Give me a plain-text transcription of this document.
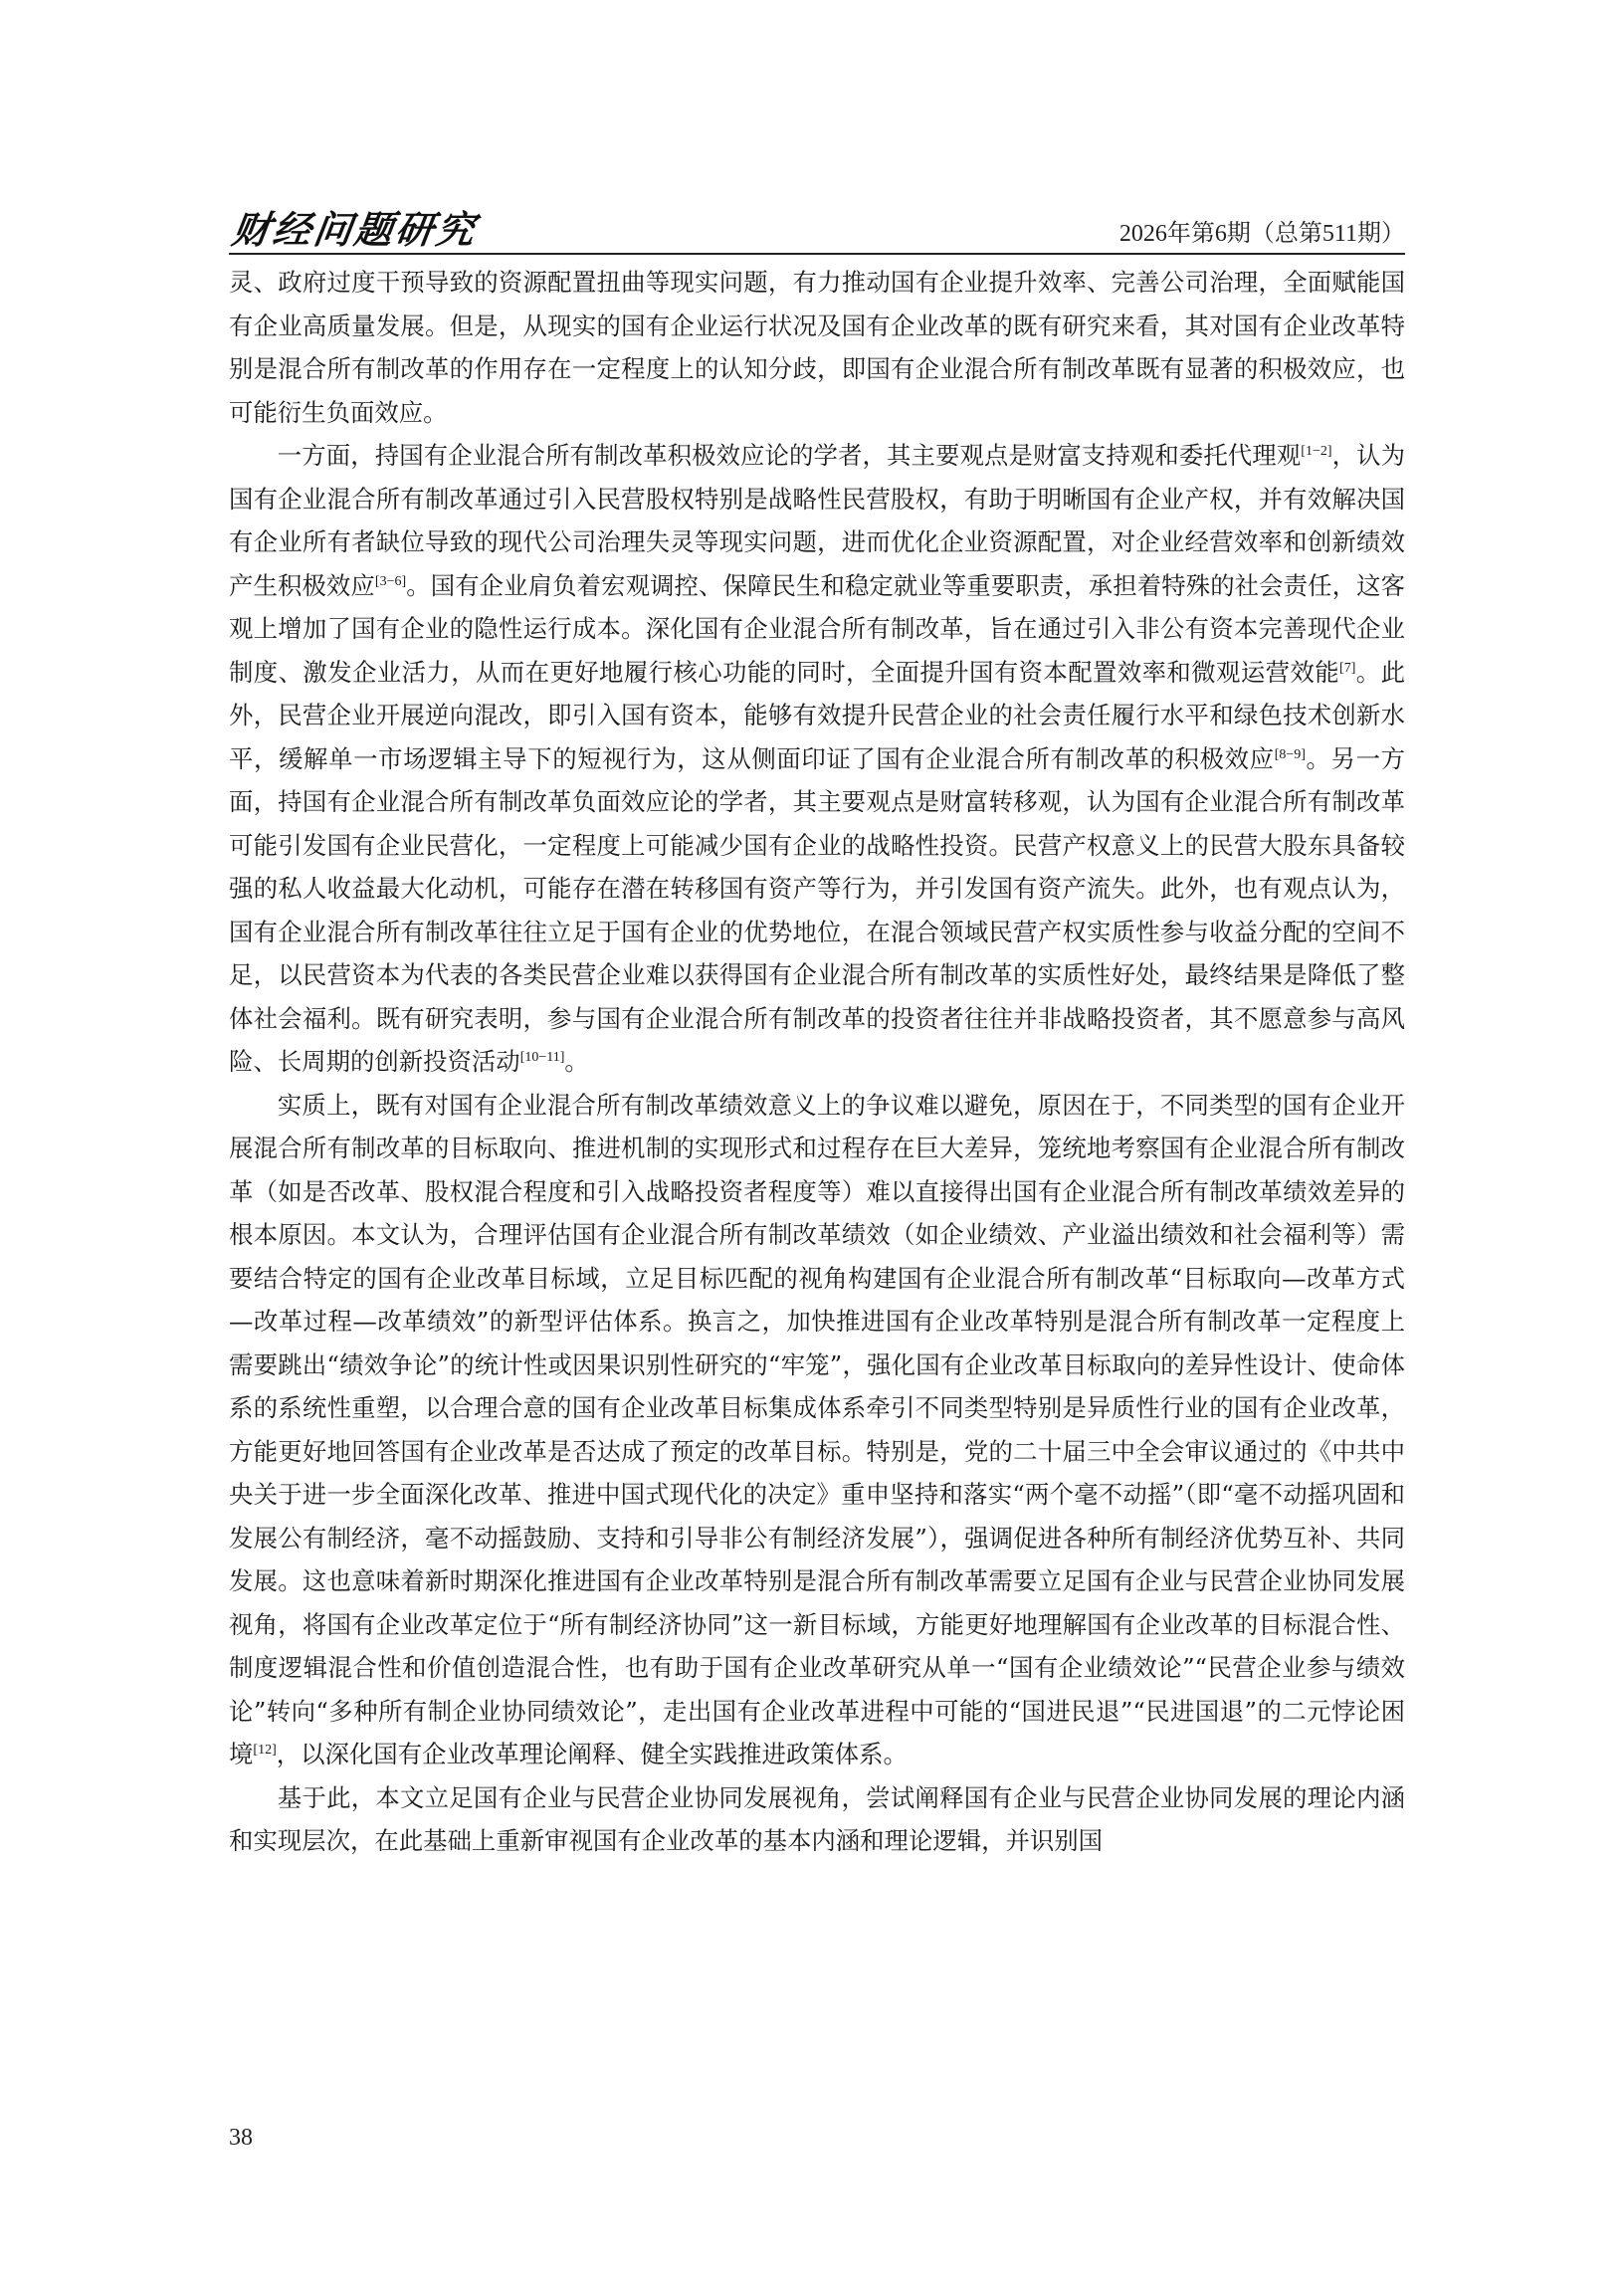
财经问题研究	2026年第6期（总第511期）

灵、政府过度干预导致的资源配置扭曲等现实问题，有力推动国有企业提升效率、完善公司治理，全面赋能国有企业高质量发展。但是，从现实的国有企业运行状况及国有企业改革的既有研究来看，其对国有企业改革特别是混合所有制改革的作用存在一定程度上的认知分歧，即国有企业混合所有制改革既有显著的积极效应，也可能衍生负面效应。

一方面，持国有企业混合所有制改革积极效应论的学者，其主要观点是财富支持观和委托代理观[1−2]，认为国有企业混合所有制改革通过引入民营股权特别是战略性民营股权，有助于明晰国有企业产权，并有效解决国有企业所有者缺位导致的现代公司治理失灵等现实问题，进而优化企业资源配置，对企业经营效率和创新绩效产生积极效应[3−6]。国有企业肩负着宏观调控、保障民生和稳定就业等重要职责，承担着特殊的社会责任，这客观上增加了国有企业的隐性运行成本。深化国有企业混合所有制改革，旨在通过引入非公有资本完善现代企业制度、激发企业活力，从而在更好地履行核心功能的同时，全面提升国有资本配置效率和微观运营效能[7]。此外，民营企业开展逆向混改，即引入国有资本，能够有效提升民营企业的社会责任履行水平和绿色技术创新水平，缓解单一市场逻辑主导下的短视行为，这从侧面印证了国有企业混合所有制改革的积极效应[8−9]。另一方面，持国有企业混合所有制改革负面效应论的学者，其主要观点是财富转移观，认为国有企业混合所有制改革可能引发国有企业民营化，一定程度上可能减少国有企业的战略性投资。民营产权意义上的民营大股东具备较强的私人收益最大化动机，可能存在潜在转移国有资产等行为，并引发国有资产流失。此外，也有观点认为，国有企业混合所有制改革往往立足于国有企业的优势地位，在混合领域民营产权实质性参与收益分配的空间不足，以民营资本为代表的各类民营企业难以获得国有企业混合所有制改革的实质性好处，最终结果是降低了整体社会福利。既有研究表明，参与国有企业混合所有制改革的投资者往往并非战略投资者，其不愿意参与高风险、长周期的创新投资活动[10−11]。

实质上，既有对国有企业混合所有制改革绩效意义上的争议难以避免，原因在于，不同类型的国有企业开展混合所有制改革的目标取向、推进机制的实现形式和过程存在巨大差异，笼统地考察国有企业混合所有制改革（如是否改革、股权混合程度和引入战略投资者程度等）难以直接得出国有企业混合所有制改革绩效差异的根本原因。本文认为，合理评估国有企业混合所有制改革绩效（如企业绩效、产业溢出绩效和社会福利等）需要结合特定的国有企业改革目标域，立足目标匹配的视角构建国有企业混合所有制改革“目标取向—改革方式—改革过程—改革绩效”的新型评估体系。换言之，加快推进国有企业改革特别是混合所有制改革一定程度上需要跳出“绩效争论”的统计性或因果识别性研究的“牢笼”，强化国有企业改革目标取向的差异性设计、使命体系的系统性重塑，以合理合意的国有企业改革目标集成体系牵引不同类型特别是异质性行业的国有企业改革，方能更好地回答国有企业改革是否达成了预定的改革目标。特别是，党的二十届三中全会审议通过的《中共中央关于进一步全面深化改革、推进中国式现代化的决定》重申坚持和落实“两个毫不动摇”（即“毫不动摇巩固和发展公有制经济，毫不动摇鼓励、支持和引导非公有制经济发展”），强调促进各种所有制经济优势互补、共同发展。这也意味着新时期深化推进国有企业改革特别是混合所有制改革需要立足国有企业与民营企业协同发展视角，将国有企业改革定位于“所有制经济协同”这一新目标域，方能更好地理解国有企业改革的目标混合性、制度逻辑混合性和价值创造混合性，也有助于国有企业改革研究从单一“国有企业绩效论”“民营企业参与绩效论”转向“多种所有制企业协同绩效论”，走出国有企业改革进程中可能的“国进民退”“民进国退”的二元悖论困境[12]，以深化国有企业改革理论阐释、健全实践推进政策体系。

基于此，本文立足国有企业与民营企业协同发展视角，尝试阐释国有企业与民营企业协同发展的理论内涵和实现层次，在此基础上重新审视国有企业改革的基本内涵和理论逻辑，并识别国

38
